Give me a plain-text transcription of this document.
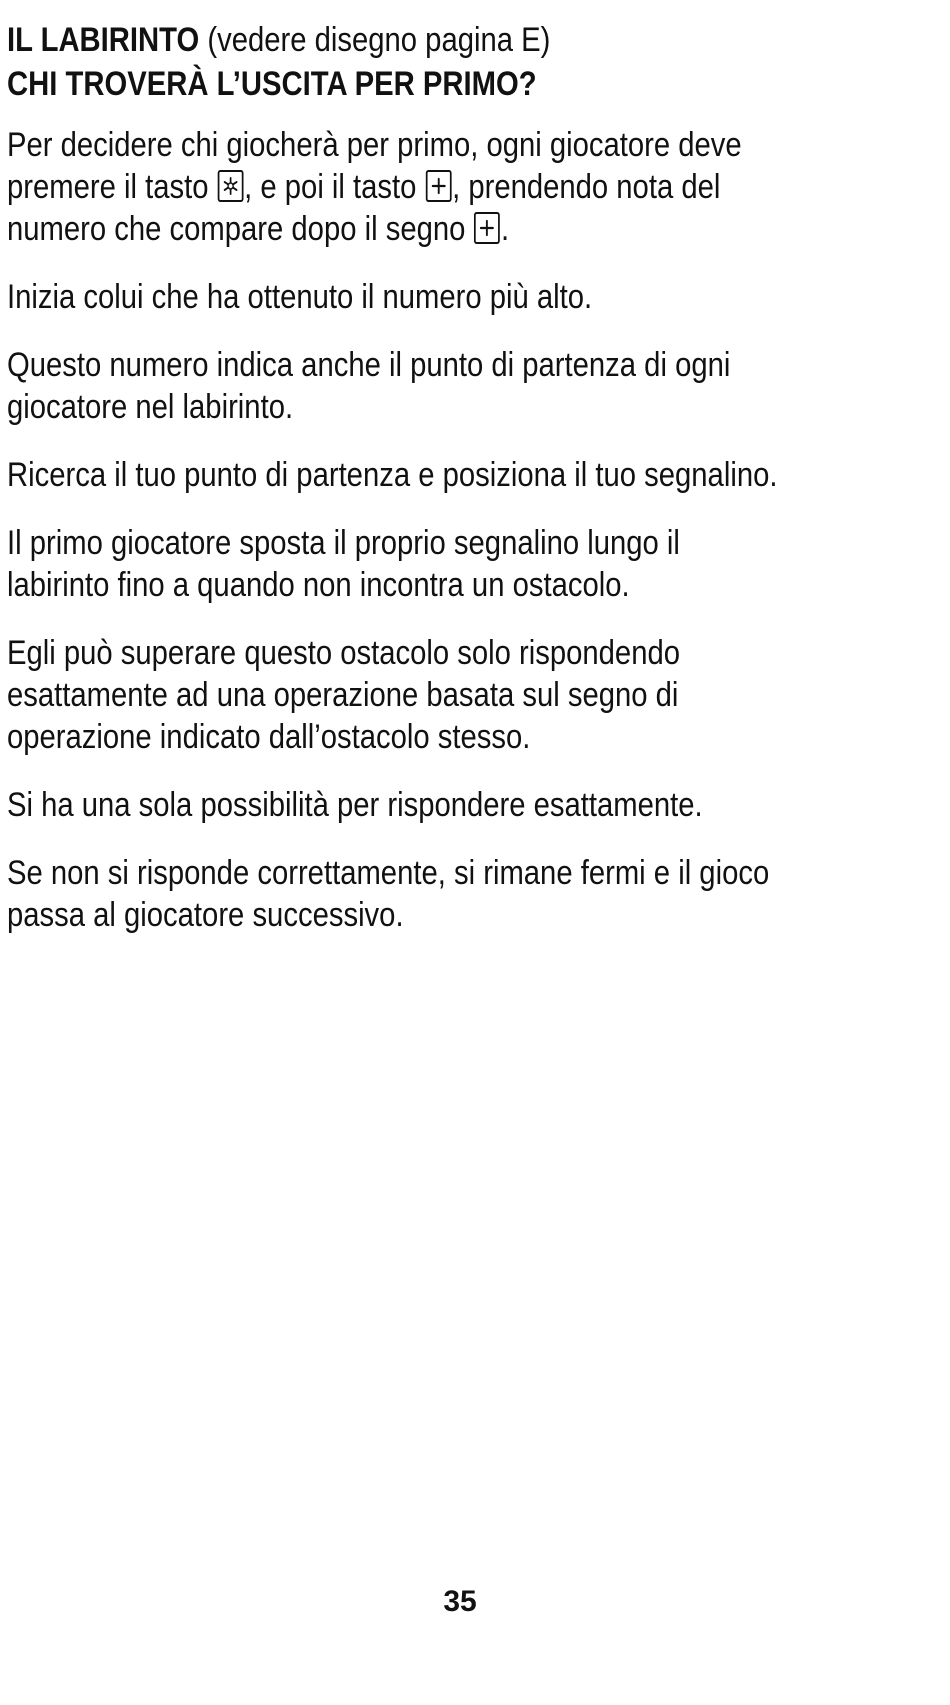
IL LABIRINTO (vedere disegno pagina E)

CHI TROVERÀ L’USCITA PER PRIMO?

Per decidere chi giocherà per primo, ogni giocatore deve premere il tasto
, e poi il tasto
, prendendo nota del numero che compare dopo il segno
.

Inizia colui che ha ottenuto il numero più alto.

Questo numero indica anche il punto di partenza di ogni giocatore nel labirinto.

Ricerca il tuo punto di partenza e posiziona il tuo segnalino.

Il primo giocatore sposta il proprio segnalino lungo il labirinto fino a quando non incontra un ostacolo.

Egli può superare questo ostacolo solo rispondendo esattamente ad una operazione basata sul segno di operazione indicato dall’ostacolo stesso.

Si ha una sola possibilità per rispondere esattamente.

Se non si risponde correttamente, si rimane fermi e il gioco passa al giocatore successivo.

35
